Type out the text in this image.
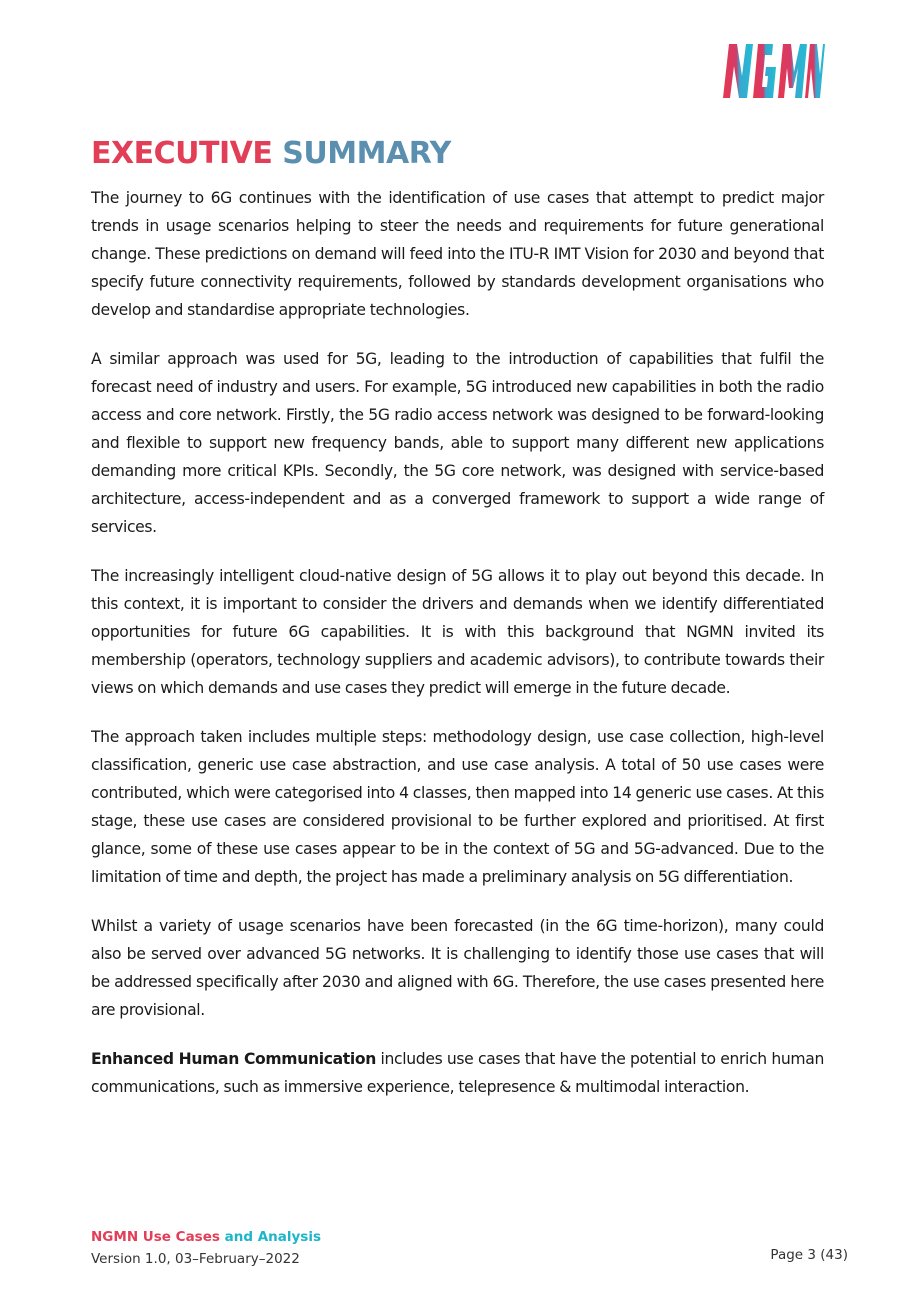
EXECUTIVE SUMMARY

The journey to 6G continues with the identification of use cases that attempt to predict major trends in usage scenarios helping to steer the needs and requirements for future generational change. These predictions on demand will feed into the ITU-R IMT Vision for 2030 and beyond that specify future connectivity requirements, followed by standards development organisations who develop and standardise appropriate technologies.

A similar approach was used for 5G, leading to the introduction of capabilities that fulfil the forecast need of industry and users. For example, 5G introduced new capabilities in both the radio access and core network. Firstly, the 5G radio access network was designed to be forward-looking and flexible to support new frequency bands, able to support many different new applications demanding more critical KPIs. Secondly, the 5G core network, was designed with service-based architecture, access-independent and as a converged framework to support a wide range of services.

The increasingly intelligent cloud-native design of 5G allows it to play out beyond this decade. In this context, it is important to consider the drivers and demands when we identify differentiated opportunities for future 6G capabilities. It is with this background that NGMN invited its membership (operators, technology suppliers and academic advisors), to contribute towards their views on which demands and use cases they predict will emerge in the future decade.

The approach taken includes multiple steps: methodology design, use case collection, high-level classification, generic use case abstraction, and use case analysis. A total of 50 use cases were contributed, which were categorised into 4 classes, then mapped into 14 generic use cases. At this stage, these use cases are considered provisional to be further explored and prioritised. At first glance, some of these use cases appear to be in the context of 5G and 5G-advanced. Due to the limitation of time and depth, the project has made a preliminary analysis on 5G differentiation.

Whilst a variety of usage scenarios have been forecasted (in the 6G time-horizon), many could also be served over advanced 5G networks. It is challenging to identify those use cases that will be addressed specifically after 2030 and aligned with 6G. Therefore, the use cases presented here are provisional.

Enhanced Human Communication includes use cases that have the potential to enrich human communications, such as immersive experience, telepresence & multimodal interaction.

NGMN Use Cases and Analysis
Version 1.0, 03–February–2022	Page 3 (43)
